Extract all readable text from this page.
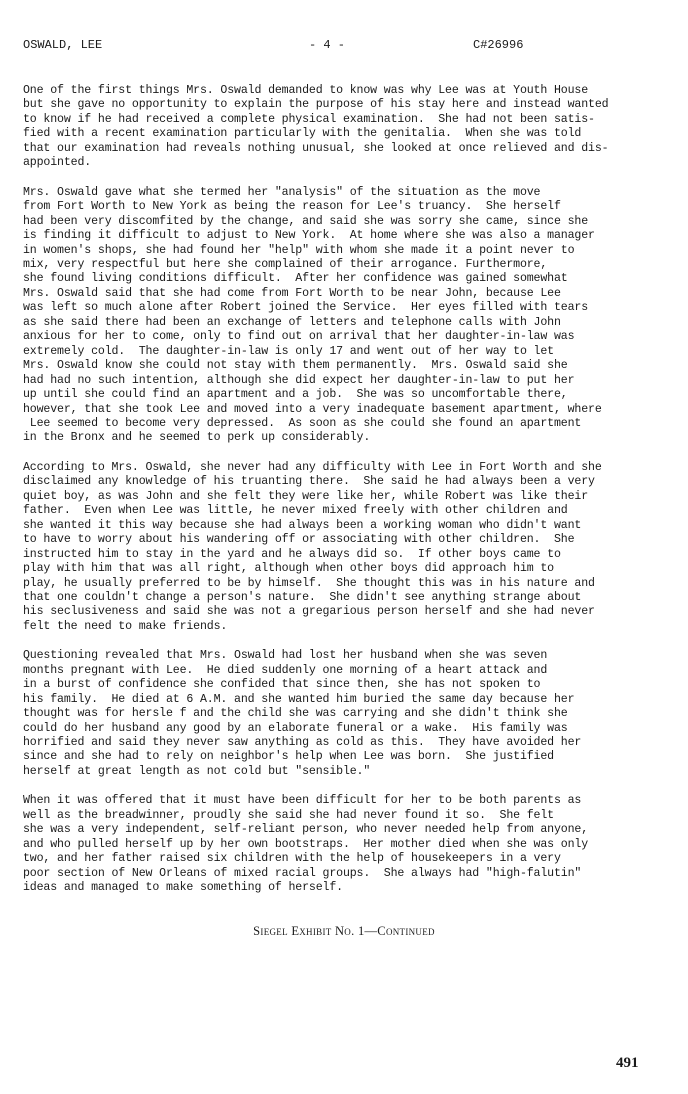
OSWALD, LEE	- 4 -	C#26996

One of the first things Mrs. Oswald demanded to know was why Lee was at Youth House
but she gave no opportunity to explain the purpose of his stay here and instead wanted
to know if he had received a complete physical examination.  She had not been satis-
fied with a recent examination particularly with the genitalia.  When she was told
that our examination had reveals nothing unusual, she looked at once relieved and dis-
appointed.

Mrs. Oswald gave what she termed her "analysis" of the situation as the move
from Fort Worth to New York as being the reason for Lee's truancy.  She herself
had been very discomfited by the change, and said she was sorry she came, since she
is finding it difficult to adjust to New York.  At home where she was also a manager
in women's shops, she had found her "help" with whom she made it a point never to
mix, very respectful but here she complained of their arrogance. Furthermore,
she found living conditions difficult.  After her confidence was gained somewhat
Mrs. Oswald said that she had come from Fort Worth to be near John, because Lee
was left so much alone after Robert joined the Service.  Her eyes filled with tears
as she said there had been an exchange of letters and telephone calls with John
anxious for her to come, only to find out on arrival that her daughter-in-law was
extremely cold.  The daughter-in-law is only 17 and went out of her way to let
Mrs. Oswald know she could not stay with them permanently.  Mrs. Oswald said she
had had no such intention, although she did expect her daughter-in-law to put her
up until she could find an apartment and a job.  She was so uncomfortable there,
however, that she took Lee and moved into a very inadequate basement apartment, where
Lee seemed to become very depressed.  As soon as she could she found an apartment
in the Bronx and he seemed to perk up considerably.

According to Mrs. Oswald, she never had any difficulty with Lee in Fort Worth and she
disclaimed any knowledge of his truanting there.  She said he had always been a very
quiet boy, as was John and she felt they were like her, while Robert was like their
father.  Even when Lee was little, he never mixed freely with other children and
she wanted it this way because she had always been a working woman who didn't want
to have to worry about his wandering off or associating with other children.  She
instructed him to stay in the yard and he always did so.  If other boys came to
play with him that was all right, although when other boys did approach him to
play, he usually preferred to be by himself.  She thought this was in his nature and
that one couldn't change a person's nature.  She didn't see anything strange about
his seclusiveness and said she was not a gregarious person herself and she had never
felt the need to make friends.

Questioning revealed that Mrs. Oswald had lost her husband when she was seven
months pregnant with Lee.  He died suddenly one morning of a heart attack and
in a burst of confidence she confided that since then, she has not spoken to
his family.  He died at 6 A.M. and she wanted him buried the same day because her
thought was for hersle f and the child she was carrying and she didn't think she
could do her husband any good by an elaborate funeral or a wake.  His family was
horrified and said they never saw anything as cold as this.  They have avoided her
since and she had to rely on neighbor's help when Lee was born.  She justified
herself at great length as not cold but "sensible."

When it was offered that it must have been difficult for her to be both parents as
well as the breadwinner, proudly she said she had never found it so.  She felt
she was a very independent, self-reliant person, who never needed help from anyone,
and who pulled herself up by her own bootstraps.  Her mother died when she was only
two, and her father raised six children with the help of housekeepers in a very
poor section of New Orleans of mixed racial groups.  She always had "high-falutin"
ideas and managed to make something of herself.

Siegel Exhibit No. 1—Continued
491
